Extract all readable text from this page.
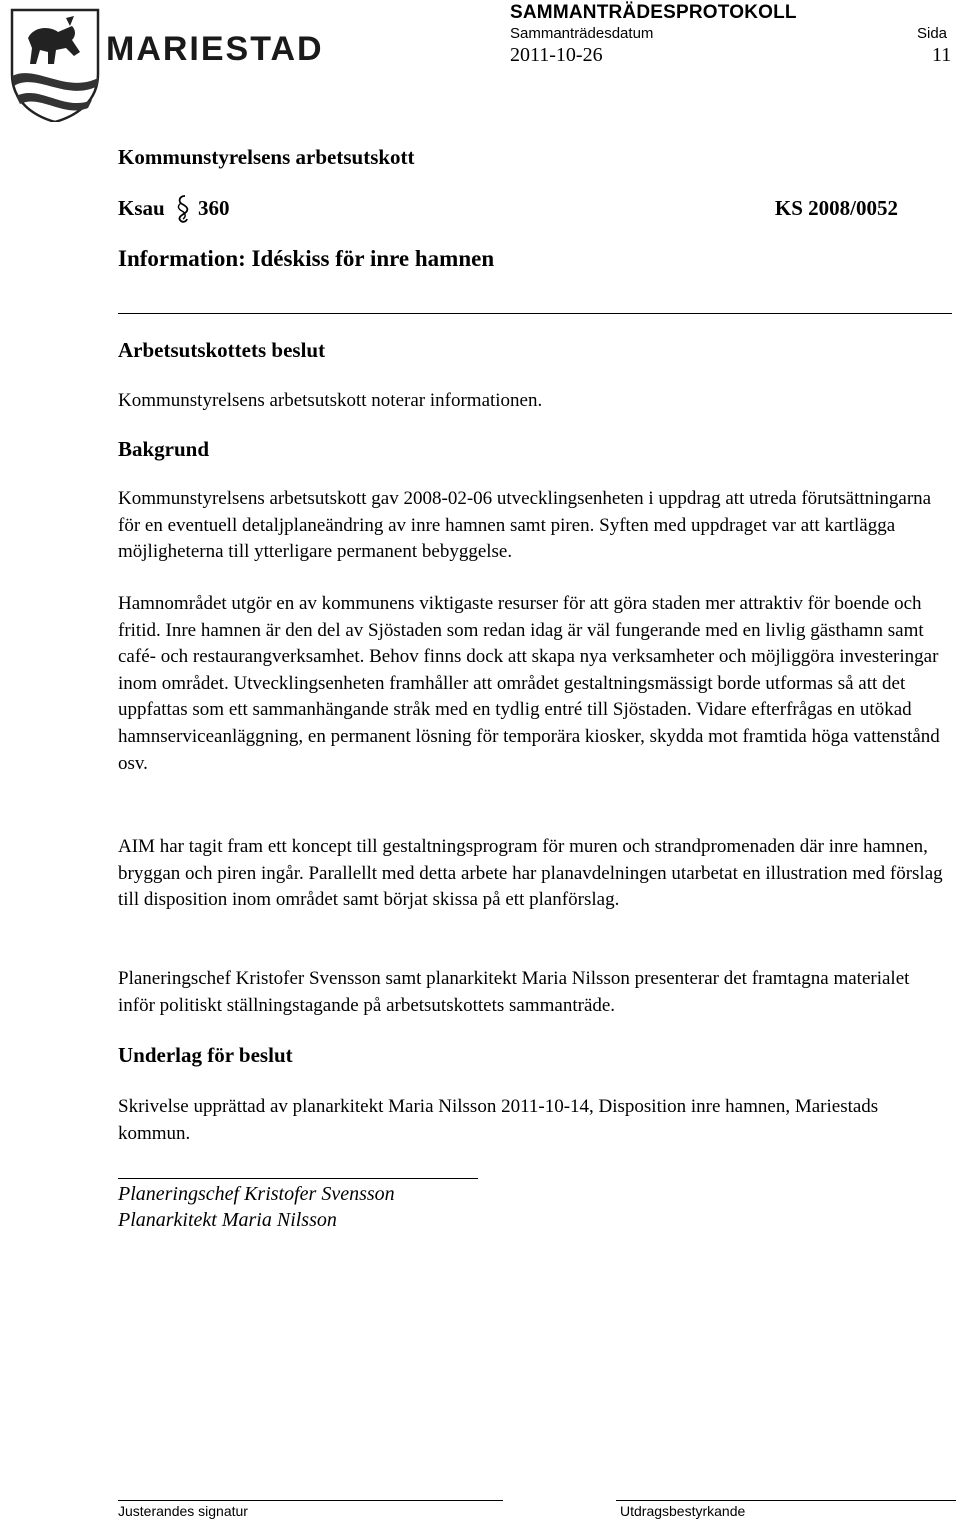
MARIESTAD
SAMMANTRÄDESPROTOKOLL
Sammanträdesdatum	Sida
2011-10-26	11
Kommunstyrelsens arbetsutskott
Ksau 360	KS 2008/0052
Information: Idéskiss för inre hamnen
Arbetsutskottets beslut
Kommunstyrelsens arbetsutskott noterar informationen.
Bakgrund
Kommunstyrelsens arbetsutskott gav 2008-02-06 utvecklingsenheten i uppdrag att utreda förutsättningarna för en eventuell detaljplaneändring av inre hamnen samt piren. Syften med uppdraget var att kartlägga möjligheterna till ytterligare permanent bebyggelse.
Hamnområdet utgör en av kommunens viktigaste resurser för att göra staden mer attraktiv för boende och fritid. Inre hamnen är den del av Sjöstaden som redan idag är väl fungerande med en livlig gästhamn samt café- och restaurangverksamhet. Behov finns dock att skapa nya verksamheter och möjliggöra investeringar inom området. Utvecklingsenheten framhåller att området gestaltningsmässigt borde utformas så att det uppfattas som ett sammanhängande stråk med en tydlig entré till Sjöstaden. Vidare efterfrågas en utökad hamnserviceanläggning, en permanent lösning för temporära kiosker, skydda mot framtida höga vattenstånd osv.
AIM har tagit fram ett koncept till gestaltningsprogram för muren och strandpromenaden där inre hamnen, bryggan och piren ingår. Parallellt med detta arbete har planavdelningen utarbetat en illustration med förslag till disposition inom området samt börjat skissa på ett planförslag.
Planeringschef Kristofer Svensson samt planarkitekt Maria Nilsson presenterar det framtagna materialet inför politiskt ställningstagande på arbetsutskottets sammanträde.
Underlag för beslut
Skrivelse upprättad av planarkitekt Maria Nilsson 2011-10-14, Disposition inre hamnen, Mariestads kommun.
Planeringschef Kristofer Svensson
Planarkitekt Maria Nilsson
Justerandes signatur	Utdragsbestyrkande
